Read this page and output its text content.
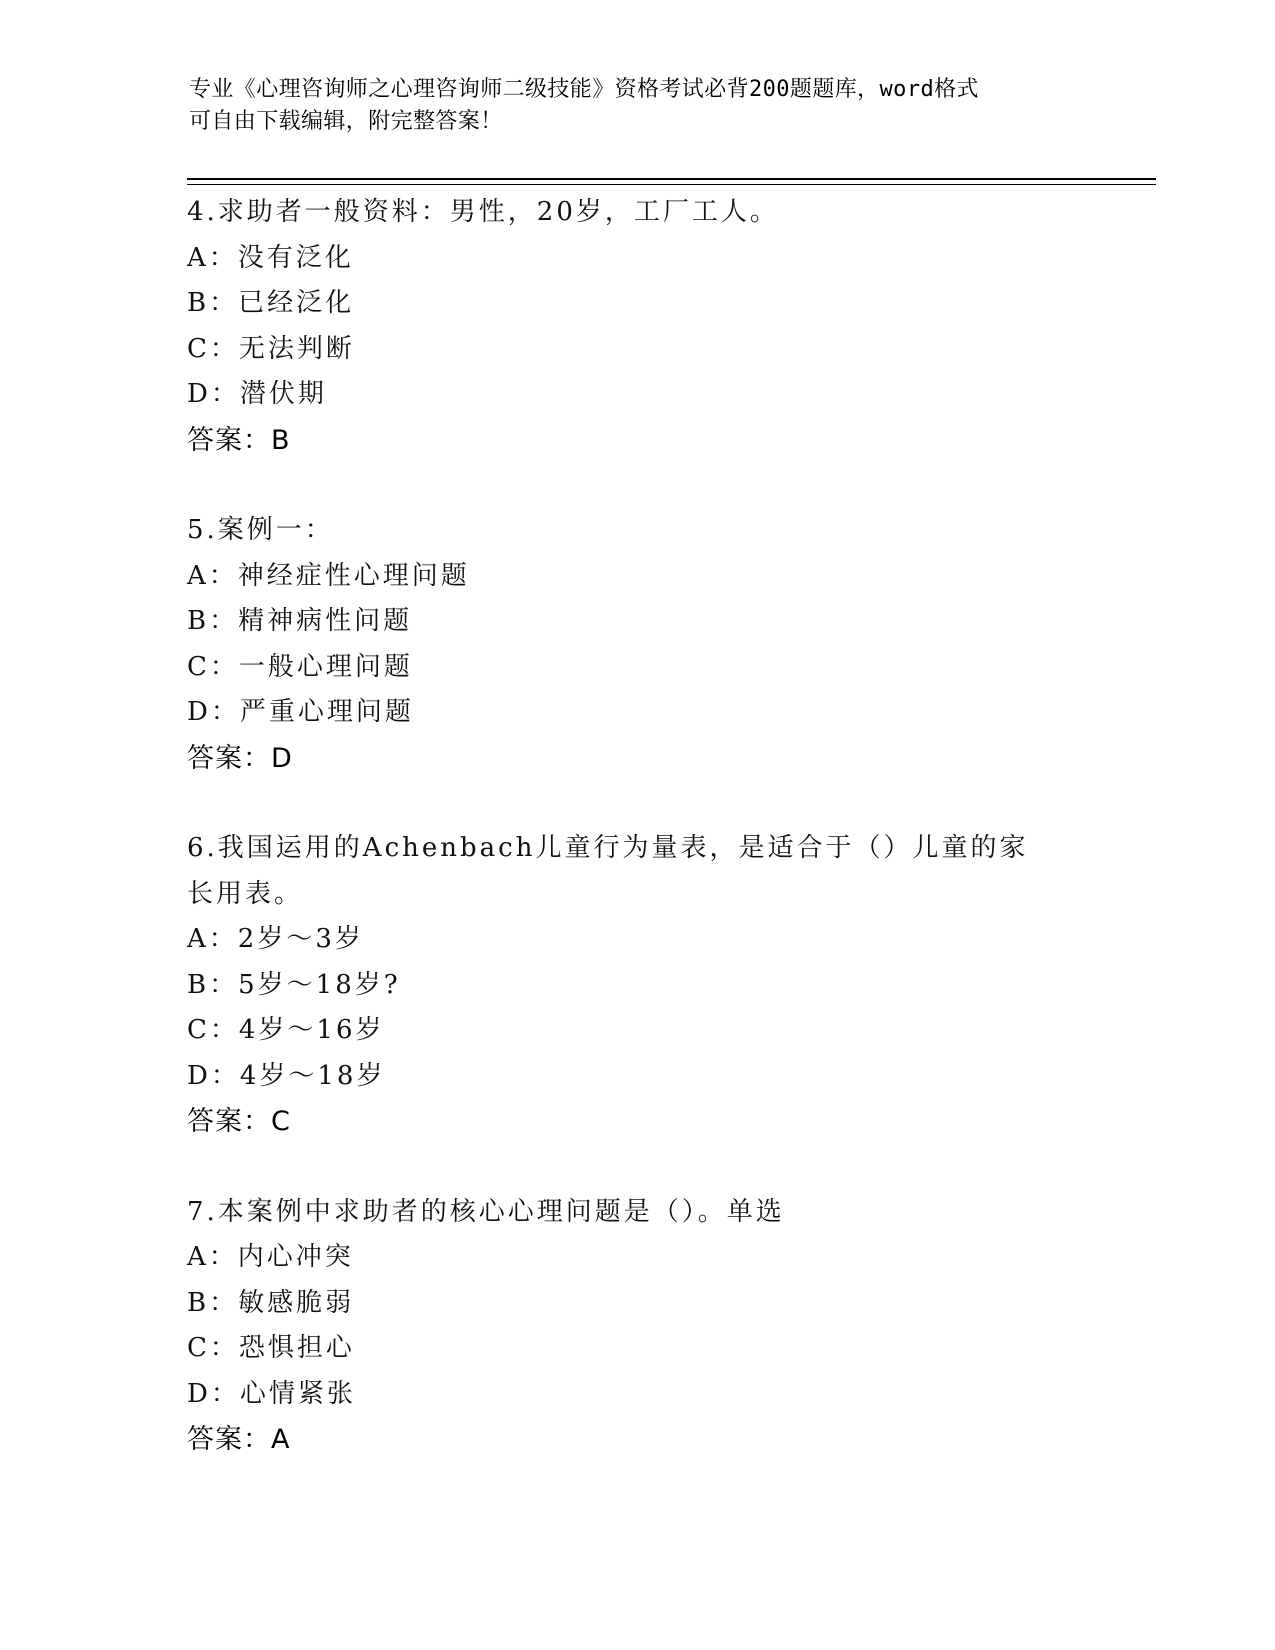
专业《心理咨询师之心理咨询师二级技能》资格考试必背200题题库，word格式
可自由下载编辑，附完整答案！
4.求助者一般资料：男性，20岁，工厂工人。
A：没有泛化
B：已经泛化
C：无法判断
D：潜伏期
答案：B
5.案例一：
A：神经症性心理问题
B：精神病性问题
C：一般心理问题
D：严重心理问题
答案：D
6.我国运用的Achenbach儿童行为量表，是适合于（）儿童的家长用表。
A：2岁～3岁
B：5岁～18岁?
C：4岁～16岁
D：4岁～18岁
答案：C
7.本案例中求助者的核心心理问题是（）。单选
A：内心冲突
B：敏感脆弱
C：恐惧担心
D：心情紧张
答案：A
